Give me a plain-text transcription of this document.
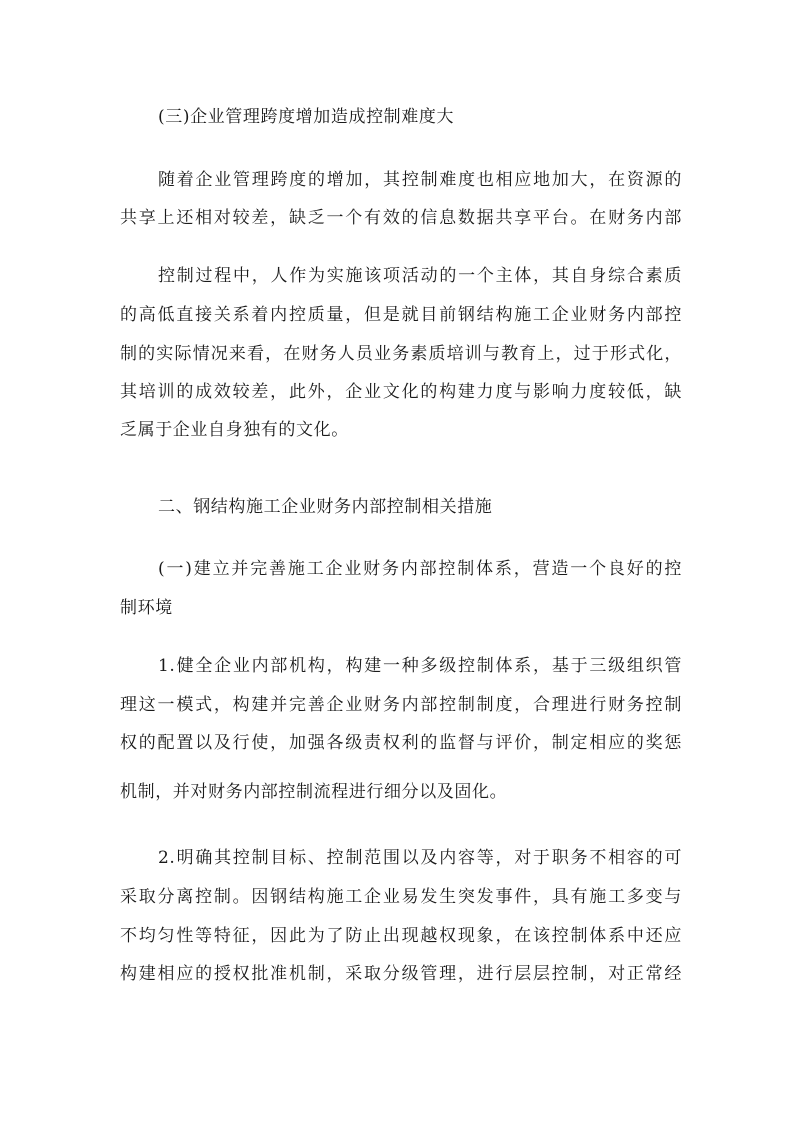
(三)企业管理跨度增加造成控制难度大
随着企业管理跨度的增加，其控制难度也相应地加大，在资源的
共享上还相对较差，缺乏一个有效的信息数据共享平台。在财务内部
控制过程中，人作为实施该项活动的一个主体，其自身综合素质
的高低直接关系着内控质量，但是就目前钢结构施工企业财务内部控
制的实际情况来看，在财务人员业务素质培训与教育上，过于形式化，
其培训的成效较差，此外，企业文化的构建力度与影响力度较低，缺
乏属于企业自身独有的文化。
二、钢结构施工企业财务内部控制相关措施
(一)建立并完善施工企业财务内部控制体系，营造一个良好的控
制环境
1.健全企业内部机构，构建一种多级控制体系，基于三级组织管
理这一模式，构建并完善企业财务内部控制制度，合理进行财务控制
权的配置以及行使，加强各级责权利的监督与评价，制定相应的奖惩
机制，并对财务内部控制流程进行细分以及固化。
2.明确其控制目标、控制范围以及内容等，对于职务不相容的可
采取分离控制。因钢结构施工企业易发生突发事件，具有施工多变与
不均匀性等特征，因此为了防止出现越权现象，在该控制体系中还应
构建相应的授权批准机制，采取分级管理，进行层层控制，对正常经
